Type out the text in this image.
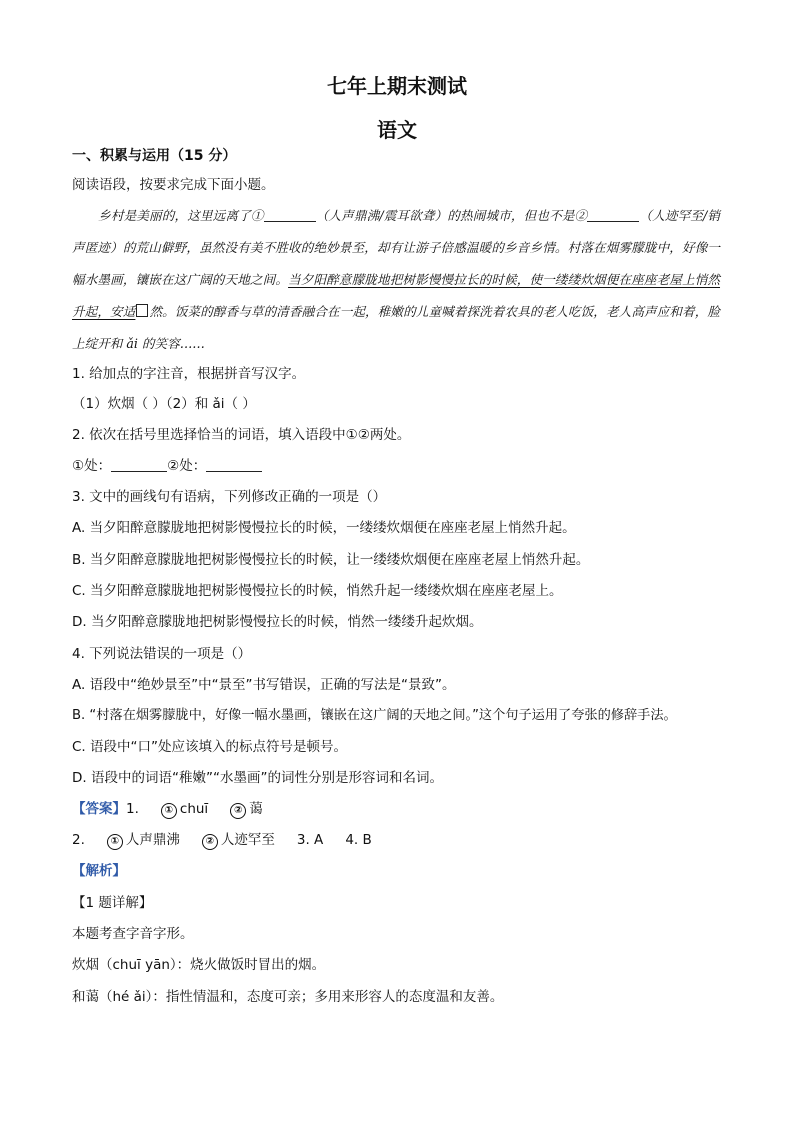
七年上期末测试
语文
一、积累与运用（15 分）
阅读语段，按要求完成下面小题。
乡村是美丽的，这里远离了①	（人声鼎沸/震耳欲聋）的热闹城市，但也不是②	（人迹罕至/销声匿迹）的荒山僻野，虽然没有美不胜收的绝妙景至，却有让游子倍感温暖的乡音乡情。村落在烟雾朦胧中，好像一幅水墨画，镶嵌在这广阔的天地之间。当夕阳醉意朦胧地把树影慢慢拉长的时候，使一缕缕炊烟便在座座老屋上悄然升起，安适 然。饭菜的醇香与草的清香融合在一起，稚嫩的儿童喊着探洗着农具的老人吃饭，老人高声应和着，脸上绽开和 ǎi 的笑容……
1. 给加点的字注音，根据拼音写汉字。
（1）炊烟（ ）（2）和 ǎi（ ）
2. 依次在括号里选择恰当的词语，填入语段中①②两处。
①处：	②处：
3. 文中的画线句有语病，下列修改正确的一项是（）
A. 当夕阳醉意朦胧地把树影慢慢拉长的时候，一缕缕炊烟便在座座老屋上悄然升起。
B. 当夕阳醉意朦胧地把树影慢慢拉长的时候，让一缕缕炊烟便在座座老屋上悄然升起。
C. 当夕阳醉意朦胧地把树影慢慢拉长的时候，悄然升起一缕缕炊烟在座座老屋上。
D. 当夕阳醉意朦胧地把树影慢慢拉长的时候，悄然一缕缕升起炊烟。
4. 下列说法错误的一项是（）
A. 语段中“绝妙景至”中“景至”书写错误，正确的写法是“景致”。
B. “村落在烟雾朦胧中，好像一幅水墨画，镶嵌在这广阔的天地之间。”这个句子运用了夸张的修辞手法。
C. 语段中“口”处应该填入的标点符号是顿号。
D. 语段中的词语“稚嫩”“水墨画”的词性分别是形容词和名词。
【答案】1.	① chuī	② 蔼
2.	① 人声鼎沸	② 人迹罕至 3. A 4. B
【解析】
【1 题详解】
本题考查字音字形。
炊烟（chuī yān）：烧火做饭时冒出的烟。
和蔼（hé ǎi）：指性情温和，态度可亲；多用来形容人的态度温和友善。
